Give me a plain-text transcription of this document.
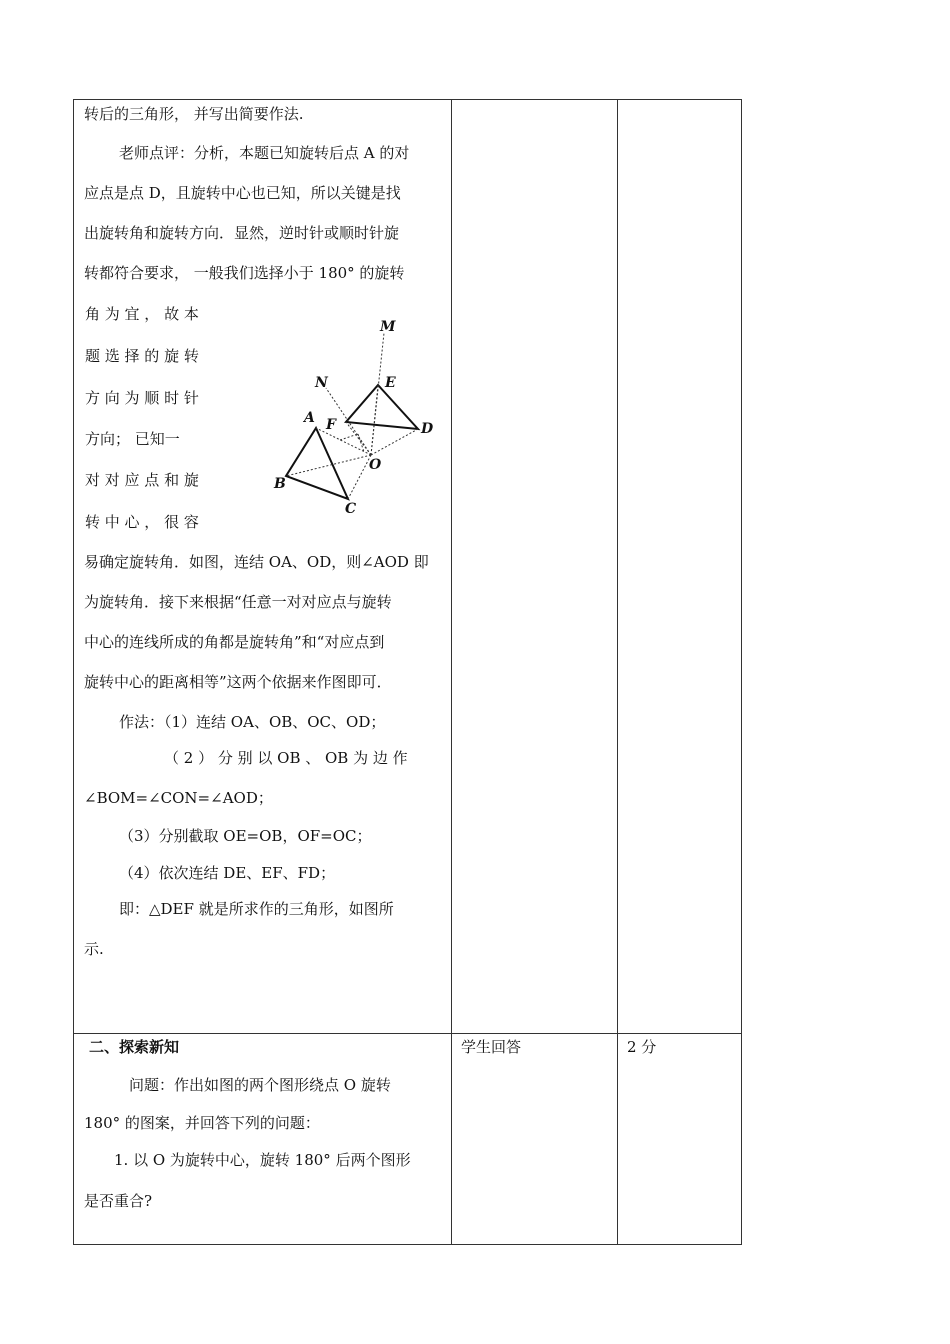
转后的三角形， 并写出简要作法.
老师点评：分析，本题已知旋转后点 A 的对
应点是点 D，且旋转中心也已知，所以关键是找
出旋转角和旋转方向．显然，逆时针或顺时针旋
转都符合要求， 一般我们选择小于 180° 的旋转
角 为 宜 ， 故 本
题 选 择 的 旋 转
方 向 为 顺 时 针
方向； 已知一
对 对 应 点 和 旋
转 中 心 ， 很 容
易确定旋转角．如图，连结 OA、OD，则∠AOD 即
为旋转角．接下来根据“任意一对对应点与旋转
中心的连线所成的角都是旋转角”和“对应点到
旋转中心的距离相等”这两个依据来作图即可．
作法：（1）连结 OA、OB、OC、OD；
（ 2 ） 分 别 以 OB 、 OB 为 边 作
∠BOM=∠CON=∠AOD；
（3）分别截取 OE=OB，OF=OC；
（4）依次连结 DE、EF、FD；
即：△DEF 就是所求作的三角形，如图所
示.
二、探索新知
问题：作出如图的两个图形绕点 O 旋转
180° 的图案，并回答下列的问题：
1. 以 O 为旋转中心，旋转 180° 后两个图形
是否重合?
学生回答	2 分
M
N	E
A F	D
O
B
C
